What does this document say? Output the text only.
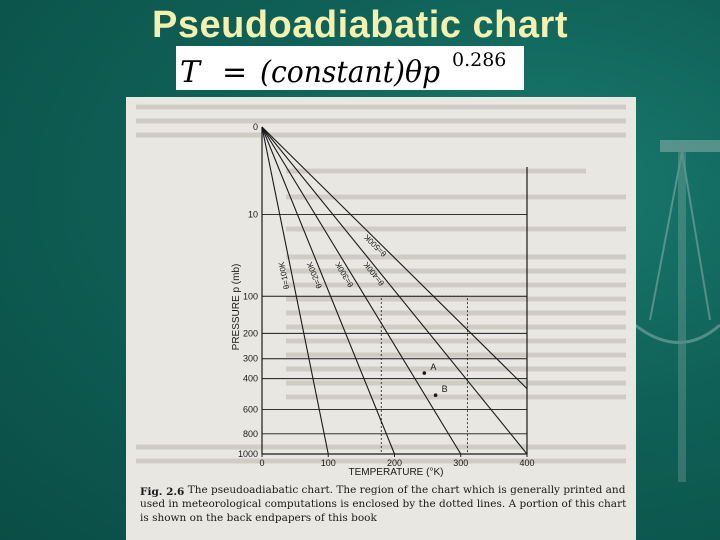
Pseudoadiabatic chart
T = (constant)θp 0.286
0
10
100
200
300
400
600
800
1000
0	100	200	300	400
θ=100K θ=200K θ=300K θ=400K
θ=500K
A
B
PRESSURE p (mb)
TEMPERATURE (°K)
Fig. 2.6 The pseudoadiabatic chart. The region of the chart which is generally printed and used in meteorological computations is enclosed by the dotted lines. A portion of this chart is shown on the back endpapers of this book
